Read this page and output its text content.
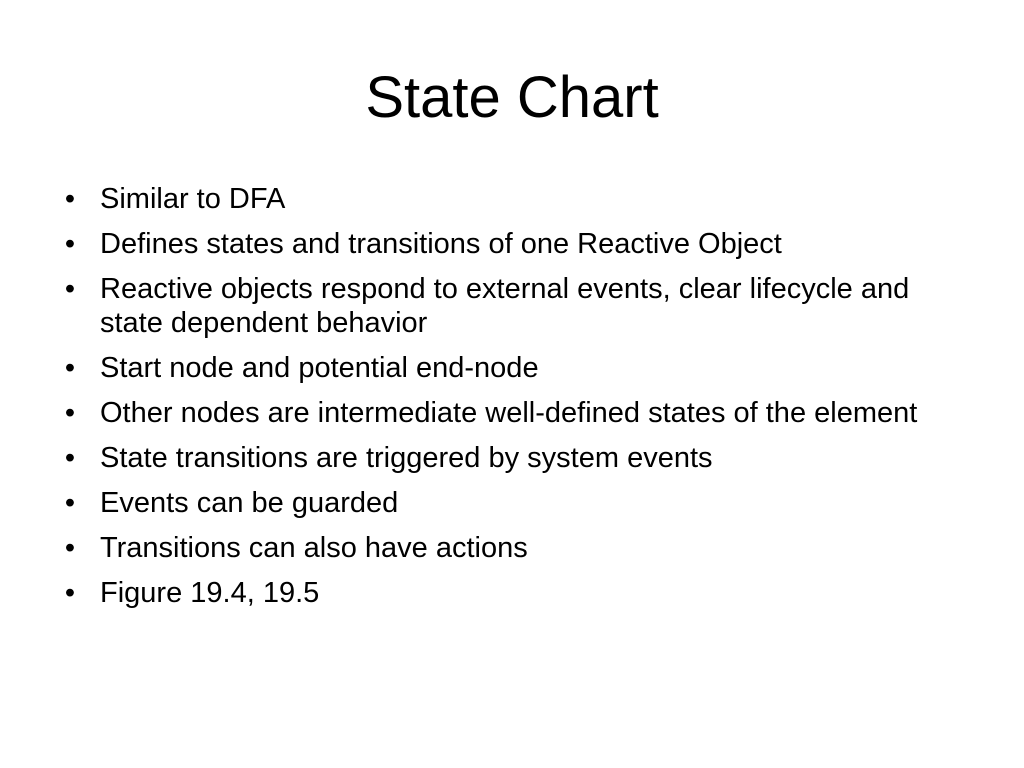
State Chart
• Similar to DFA
• Defines states and transitions of one Reactive Object
• Reactive objects respond to external events, clear lifecycle and state dependent behavior
• Start node and potential end-node
• Other nodes are intermediate well-defined states of the element
• State transitions are triggered by system events
• Events can be guarded
• Transitions can also have actions
• Figure 19.4, 19.5
